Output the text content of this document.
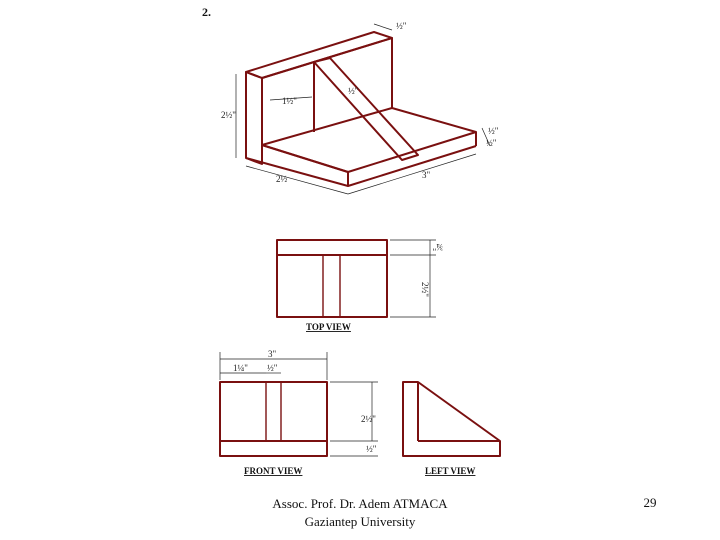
2.
½"
1½"
½"
2½"
½"
½"
2½	3"
¾"
2½"
TOP VIEW
3"
1¼" ½"
2½"
½"
FRONT VIEW	LEFT VIEW
Assoc. Prof. Dr. Adem ATMACA
Gaziantep University
29
